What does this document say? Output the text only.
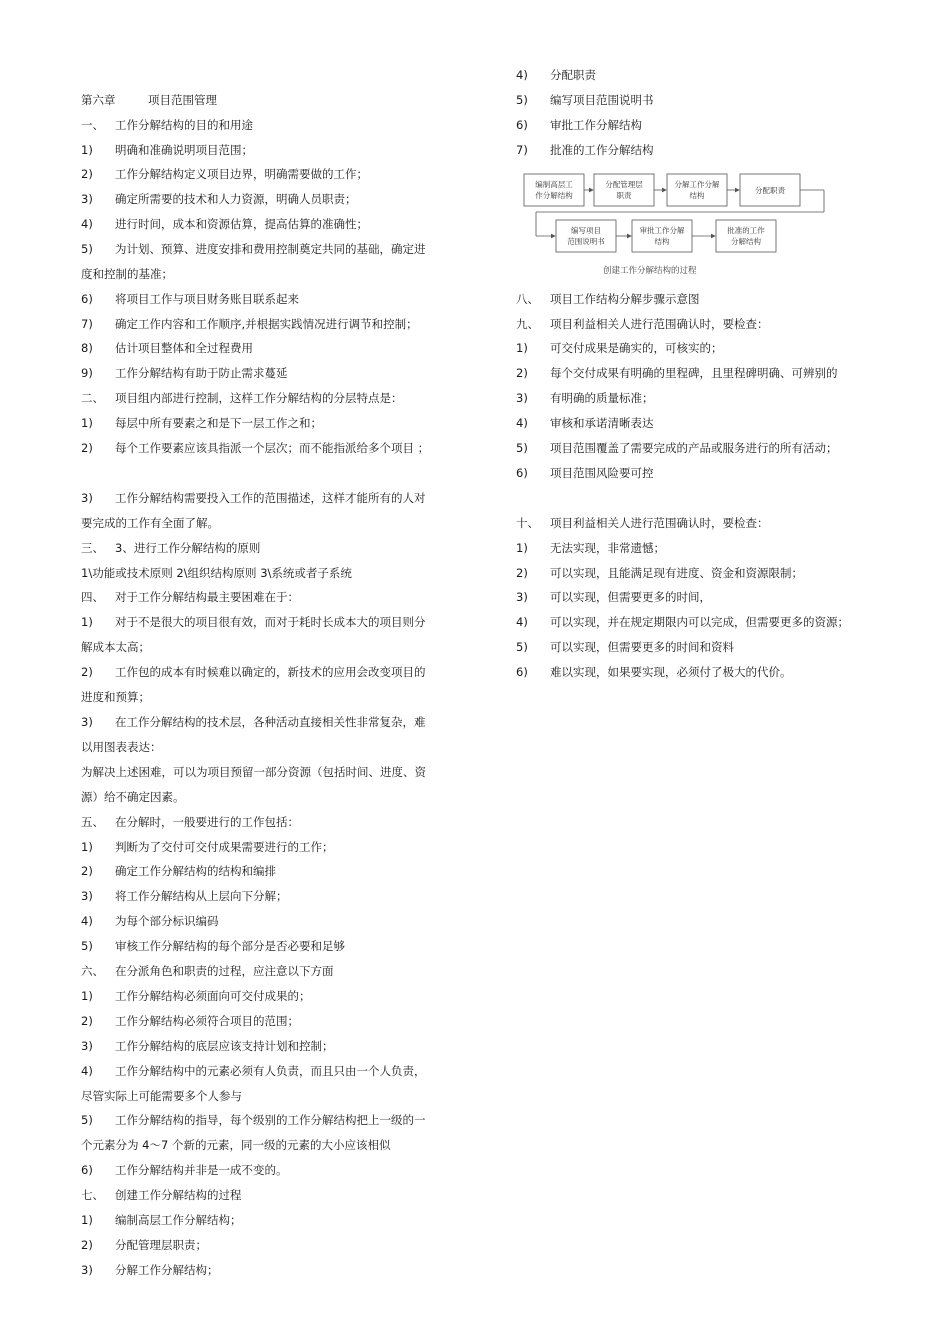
第六章	项目范围管理
一、 工作分解结构的目的和用途
1) 明确和准确说明项目范围；
2) 工作分解结构定义项目边界，明确需要做的工作；
3) 确定所需要的技术和人力资源，明确人员职责；
4) 进行时间，成本和资源估算，提高估算的准确性；
5) 为计划、预算、进度安排和费用控制奠定共同的基础，确定进
度和控制的基准；
6) 将项目工作与项目财务账目联系起来
7) 确定工作内容和工作顺序,并根据实践情况进行调节和控制；
8) 估计项目整体和全过程费用
9) 工作分解结构有助于防止需求蔓延
二、 项目组内部进行控制，这样工作分解结构的分层特点是：
1) 每层中所有要素之和是下一层工作之和；
2) 每个工作要素应该具指派一个层次；而不能指派给多个项目 ；
3) 工作分解结构需要投入工作的范围描述，这样才能所有的人对
要完成的工作有全面了解。
三、 3、进行工作分解结构的原则
1\功能或技术原则 2\组织结构原则 3\系统或者子系统
四、 对于工作分解结构最主要困难在于：
1) 对于不是很大的项目很有效，而对于耗时长成本大的项目则分
解成本太高；
2) 工作包的成本有时候难以确定的，新技术的应用会改变项目的
进度和预算；
3) 在工作分解结构的技术层，各种活动直接相关性非常复杂，难
以用图表表达：
为解决上述困难，可以为项目预留一部分资源（包括时间、进度、资
源）给不确定因素。
五、 在分解时，一般要进行的工作包括：
1) 判断为了交付可交付成果需要进行的工作；
2) 确定工作分解结构的结构和编排
3) 将工作分解结构从上层向下分解；
4) 为每个部分标识编码
5) 审核工作分解结构的每个部分是否必要和足够
六、 在分派角色和职责的过程，应注意以下方面
1) 工作分解结构必须面向可交付成果的；
2) 工作分解结构必须符合项目的范围；
3) 工作分解结构的底层应该支持计划和控制；
4) 工作分解结构中的元素必须有人负责，而且只由一个人负责，
尽管实际上可能需要多个人参与
5) 工作分解结构的指导，每个级别的工作分解结构把上一级的一
个元素分为 4～7 个新的元素，同一级的元素的大小应该相似
6) 工作分解结构并非是一成不变的。
七、 创建工作分解结构的过程
1) 编制高层工作分解结构；
2) 分配管理层职责；
3) 分解工作分解结构；
4) 分配职责
5) 编写项目范围说明书
6) 审批工作分解结构
7) 批准的工作分解结构
八、 项目工作结构分解步骤示意图
九、 项目利益相关人进行范围确认时，要检查：
1) 可交付成果是确实的，可核实的；
2) 每个交付成果有明确的里程碑，且里程碑明确、可辨别的
3) 有明确的质量标准；
4) 审核和承诺清晰表达
5) 项目范围覆盖了需要完成的产品或服务进行的所有活动；
6) 项目范围风险要可控
十、 项目利益相关人进行范围确认时，要检查：
1) 无法实现，非常遗憾；
2) 可以实现，且能满足现有进度、资金和资源限制；
3) 可以实现，但需要更多的时间，
4) 可以实现，并在规定期限内可以完成，但需要更多的资源；
5) 可以实现，但需要更多的时间和资料
6) 难以实现，如果要实现，必须付了极大的代价。
编制高层工
作分解结构
分配管理层
职责
分解工作分解
结构
分配职责
编写项目
范围说明书
审批工作分解
结构
批准的工作
分解结构
创建工作分解结构的过程
